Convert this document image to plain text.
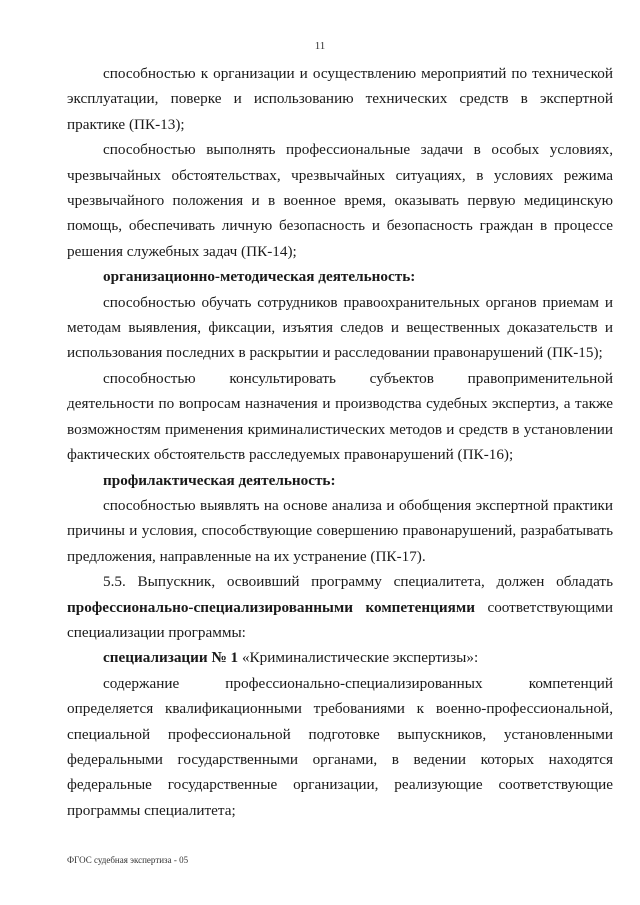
11

способностью к организации и осуществлению мероприятий по технической эксплуатации, поверке и использованию технических средств в экспертной практике (ПК-13);

способностью выполнять профессиональные задачи в особых условиях, чрезвычайных обстоятельствах, чрезвычайных ситуациях, в условиях режима чрезвычайного положения и в военное время, оказывать первую медицинскую помощь, обеспечивать личную безопасность и безопасность граждан в процессе решения служебных задач (ПК-14);

организационно-методическая деятельность:

способностью обучать сотрудников правоохранительных органов приемам и методам выявления, фиксации, изъятия следов и вещественных доказательств и использования последних в раскрытии и расследовании правонарушений (ПК-15);

способностью консультировать субъектов правоприменительной деятельности по вопросам назначения и производства судебных экспертиз, а также возможностям применения криминалистических методов и средств в установлении фактических обстоятельств расследуемых правонарушений (ПК-16);

профилактическая деятельность:

способностью выявлять на основе анализа и обобщения экспертной практики причины и условия, способствующие совершению правонарушений, разрабатывать предложения, направленные на их устранение (ПК-17).

5.5. Выпускник, освоивший программу специалитета, должен обладать профессионально-специализированными компетенциями соответствующими специализации программы:

специализации № 1 «Криминалистические экспертизы»:

содержание профессионально-специализированных компетенций определяется квалификационными требованиями к военно-профессиональной, специальной профессиональной подготовке выпускников, установленными федеральными государственными органами, в ведении которых находятся федеральные государственные организации, реализующие соответствующие программы специалитета;

ФГОС судебная экспертиза - 05
